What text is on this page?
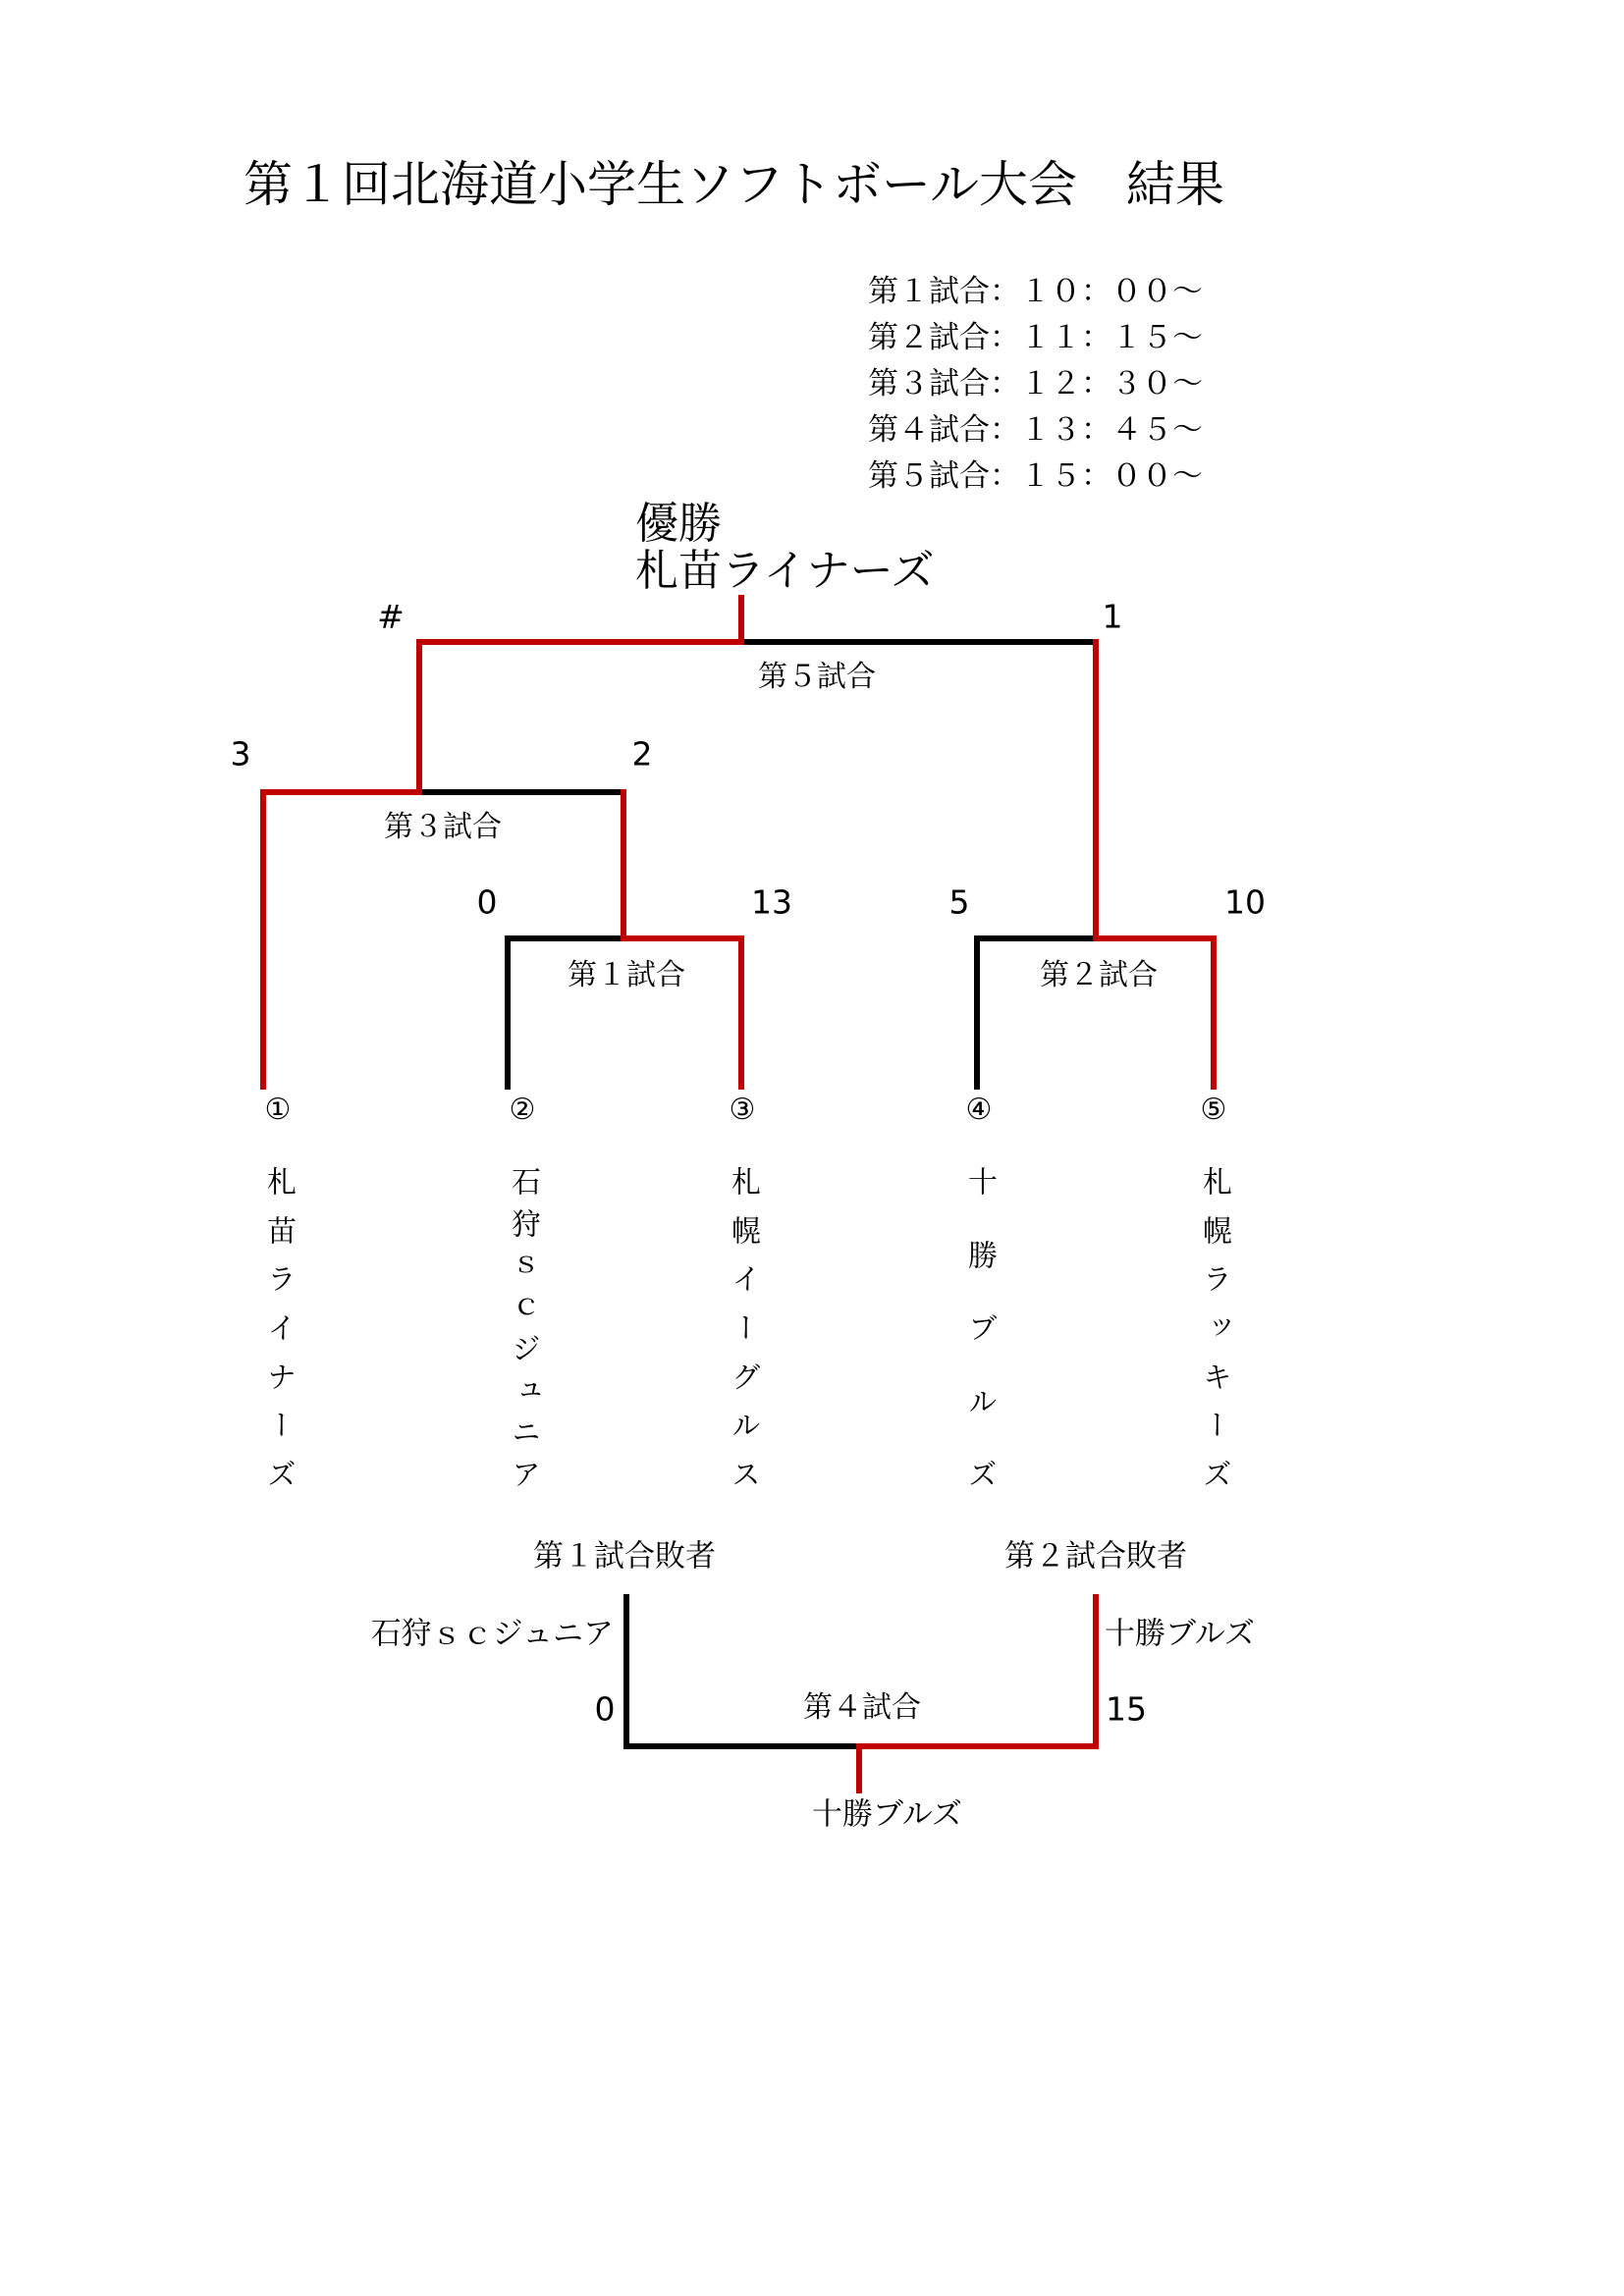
第１回北海道小学生ソフトボール大会　結果
第１試合：１０：００～
第２試合：１１：１５～
第３試合：１２：３０～
第４試合：１３：４５～
第５試合：１５：００～
優勝
札苗ライナーズ
#	1
第５試合
3	2
第３試合
0	13
第１試合
5	10
第２試合
①	②	③	④	⑤
札
苗
ラ
イ
ナ
ー
ズ
石
狩
ｓ
ｃ
ジ
ュ
ニ
ア
札
幌
イ
ー
グ
ル
ス
十
勝
ブ
ル
ズ
札
幌
ラ
ッ
キ
ー
ズ
第１試合敗者	第２試合敗者
石狩ｓｃジュニア	十勝ブルズ
0	15
第４試合
十勝ブルズ
